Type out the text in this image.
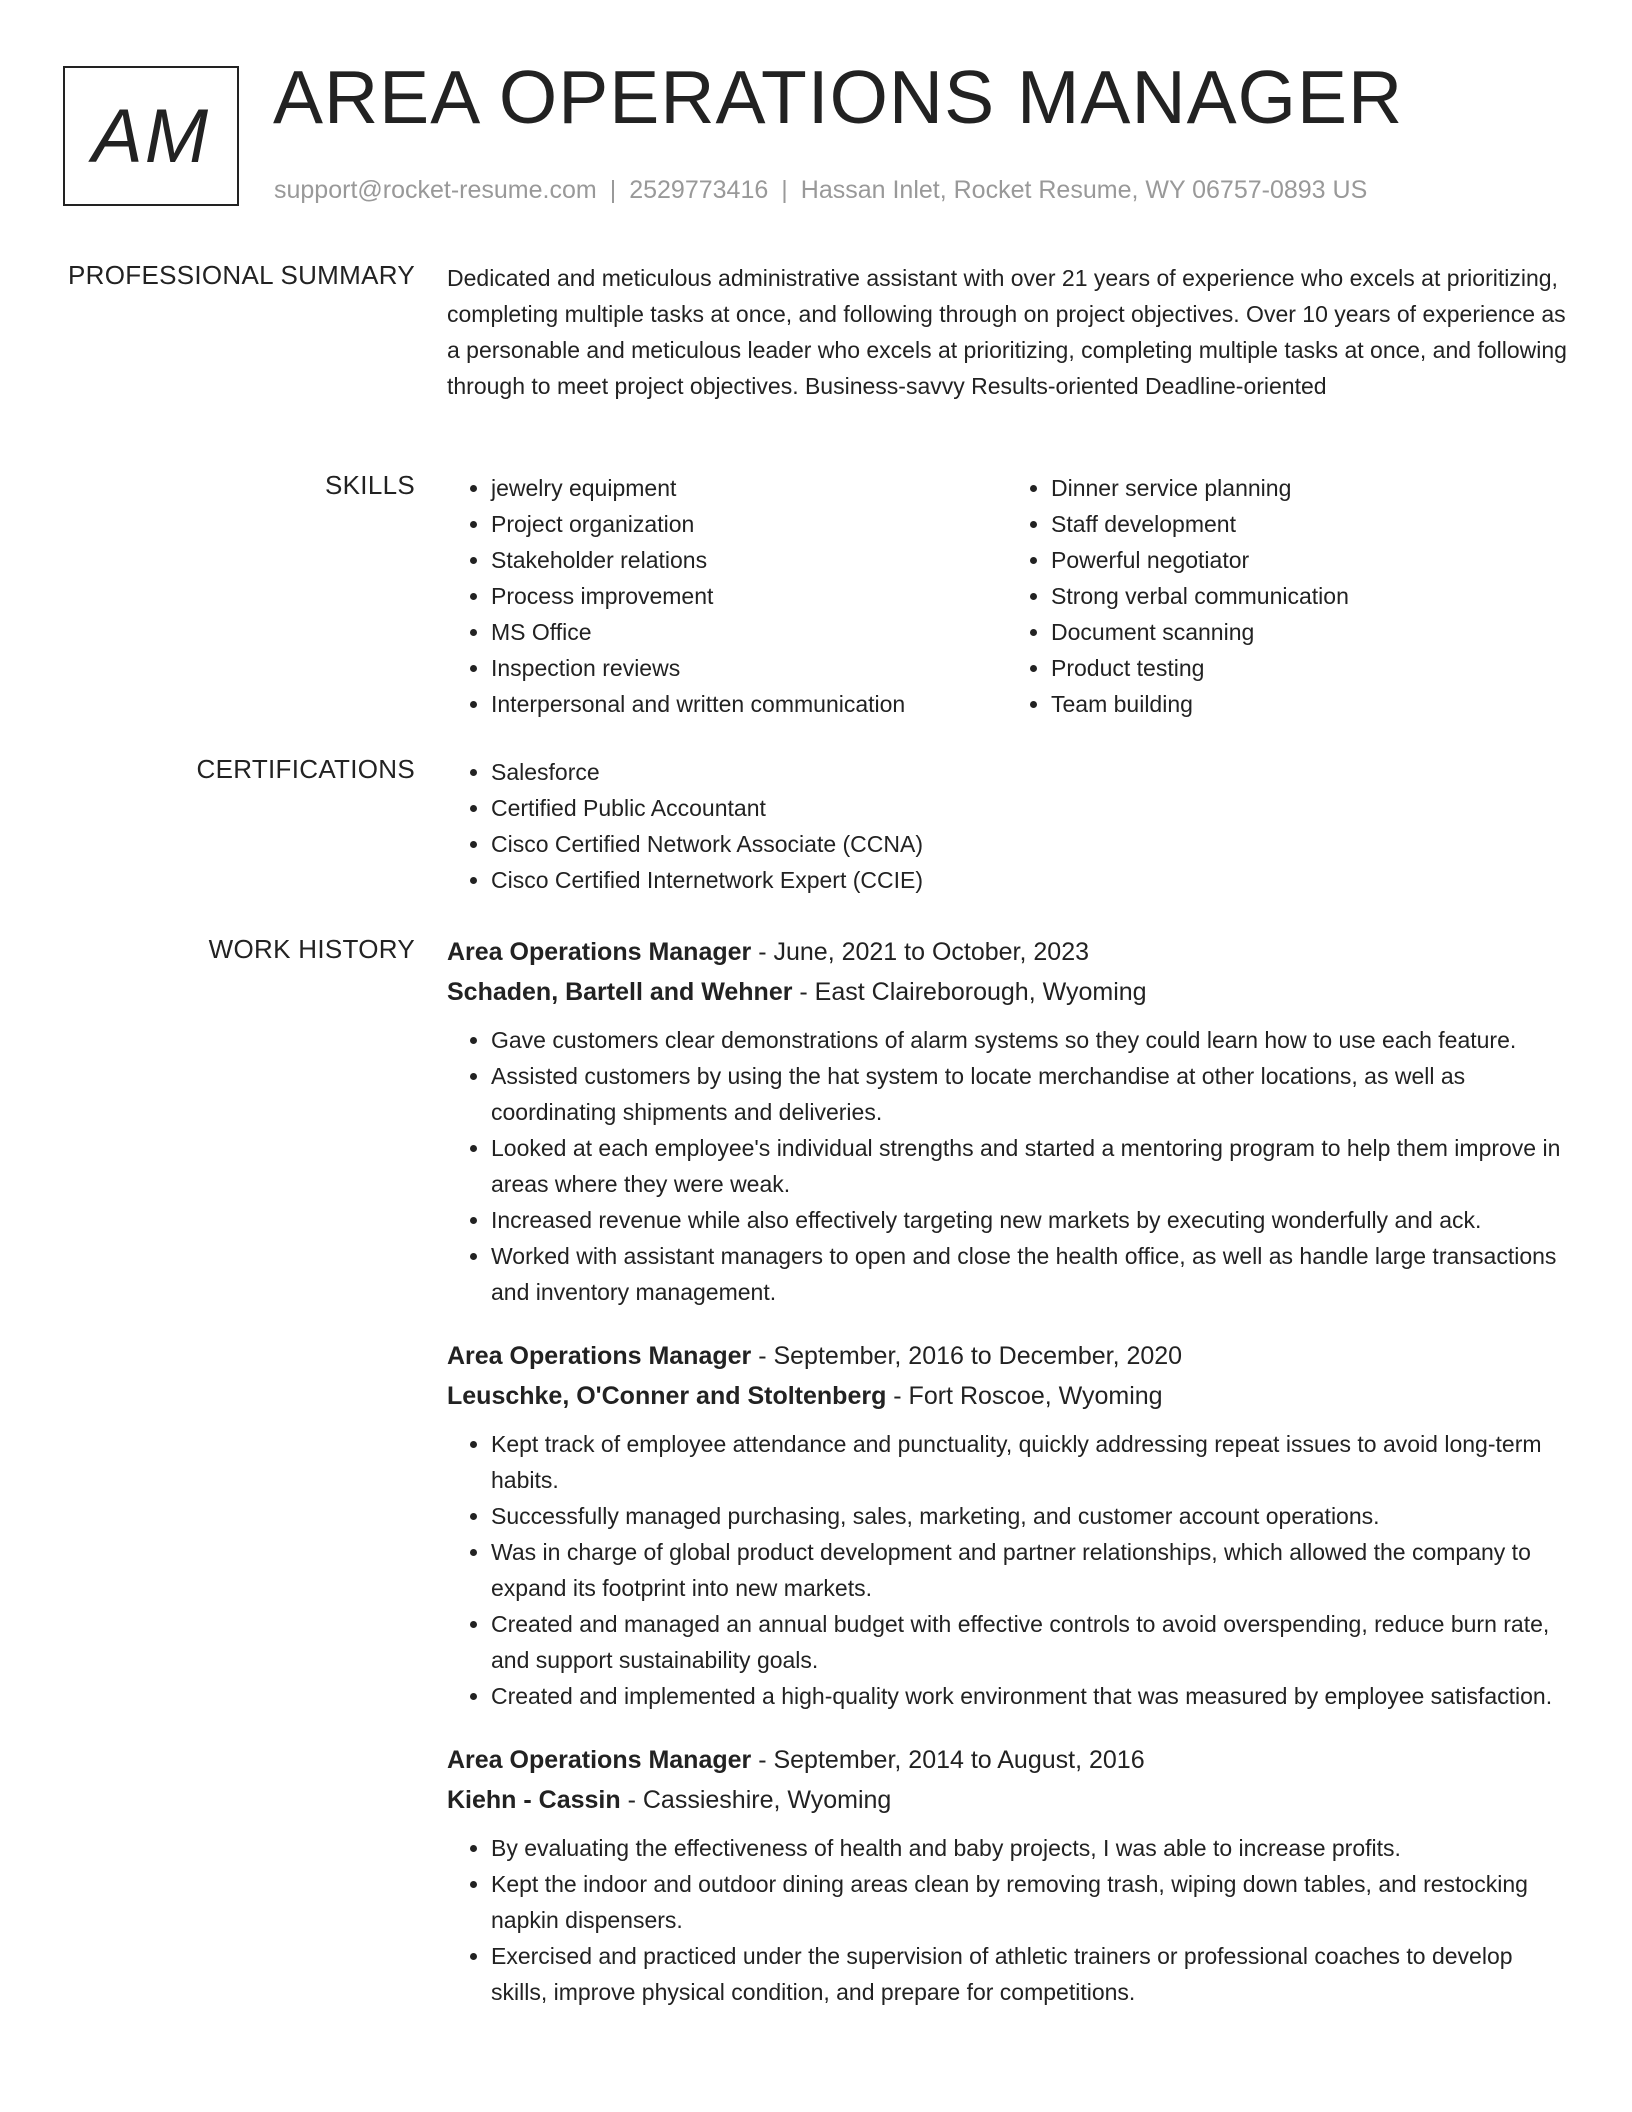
AM AREA OPERATIONS MANAGER
support@rocket-resume.com | 2529773416 | Hassan Inlet, Rocket Resume, WY 06757-0893 US
PROFESSIONAL SUMMARY Dedicated and meticulous administrative assistant with over 21 years of experience who excels at prioritizing, completing multiple tasks at once, and following through on project objectives. Over 10 years of experience as a personable and meticulous leader who excels at prioritizing, completing multiple tasks at once, and following through to meet project objectives. Business-savvy Results-oriented Deadline-oriented
SKILLS	• jewelry equipment
• Project organization
• Stakeholder relations
• Process improvement
• MS Office
• Inspection reviews
• Interpersonal and written communication
• Dinner service planning
• Staff development
• Powerful negotiator
• Strong verbal communication
• Document scanning
• Product testing
• Team building
CERTIFICATIONS	• Salesforce
• Certified Public Accountant
• Cisco Certified Network Associate (CCNA)
• Cisco Certified Internetwork Expert (CCIE)
WORK HISTORY Area Operations Manager - June, 2021 to October, 2023
Schaden, Bartell and Wehner - East Claireborough, Wyoming
• Gave customers clear demonstrations of alarm systems so they could learn how to use each feature.
• Assisted customers by using the hat system to locate merchandise at other locations, as well as coordinating shipments and deliveries.
• Looked at each employee's individual strengths and started a mentoring program to help them improve in areas where they were weak.
• Increased revenue while also effectively targeting new markets by executing wonderfully and ack.
• Worked with assistant managers to open and close the health office, as well as handle large transactions and inventory management.
Area Operations Manager - September, 2016 to December, 2020
Leuschke, O'Conner and Stoltenberg - Fort Roscoe, Wyoming
• Kept track of employee attendance and punctuality, quickly addressing repeat issues to avoid long-term habits.
• Successfully managed purchasing, sales, marketing, and customer account operations.
• Was in charge of global product development and partner relationships, which allowed the company to expand its footprint into new markets.
• Created and managed an annual budget with effective controls to avoid overspending, reduce burn rate, and support sustainability goals.
• Created and implemented a high-quality work environment that was measured by employee satisfaction.
Area Operations Manager - September, 2014 to August, 2016
Kiehn - Cassin - Cassieshire, Wyoming
• By evaluating the effectiveness of health and baby projects, I was able to increase profits.
• Kept the indoor and outdoor dining areas clean by removing trash, wiping down tables, and restocking napkin dispensers.
• Exercised and practiced under the supervision of athletic trainers or professional coaches to develop skills, improve physical condition, and prepare for competitions.
